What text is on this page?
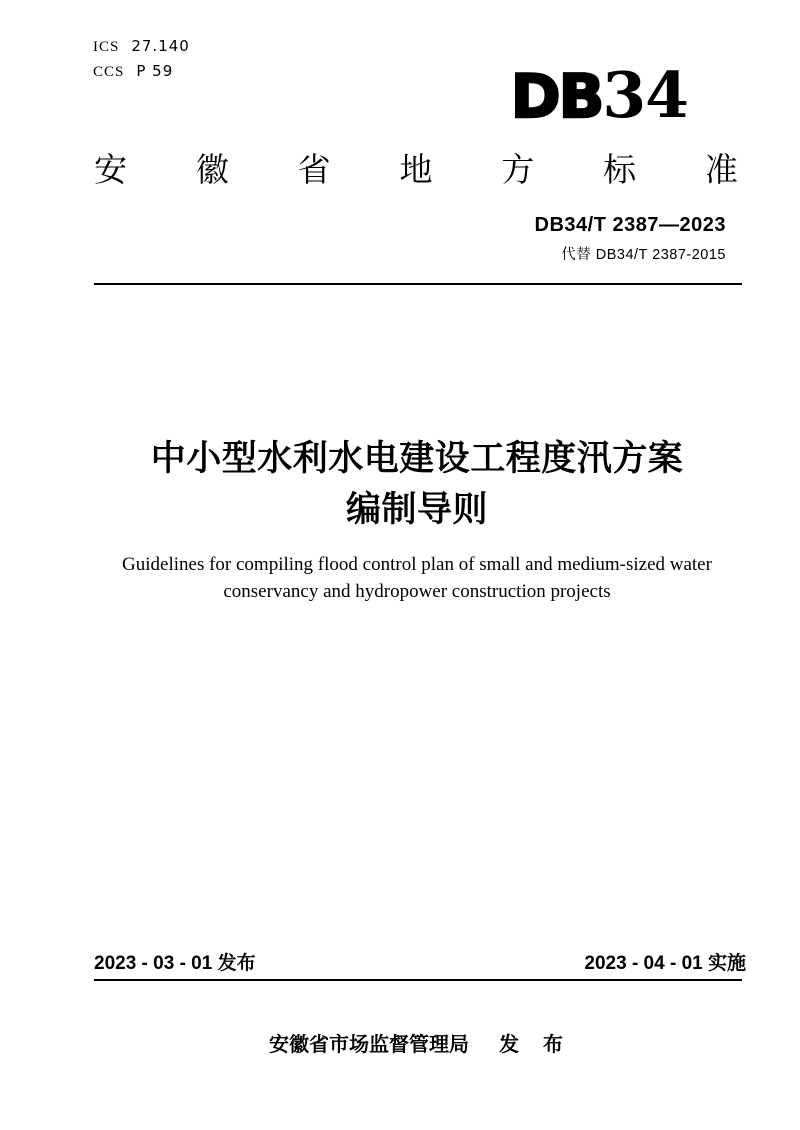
ICS 27.140
CCS P 59	DB34
安 徽 省 地 方 标 准
DB34/T 2387—2023
代替 DB34/T 2387-2015
中小型水利水电建设工程度汛方案
编制导则
Guidelines for compiling flood control plan of small and medium-sized water
conservancy and hydropower construction projects
2023 - 03 - 01 发布	2023 - 04 - 01 实施
安徽省市场监督管理局 发　布
